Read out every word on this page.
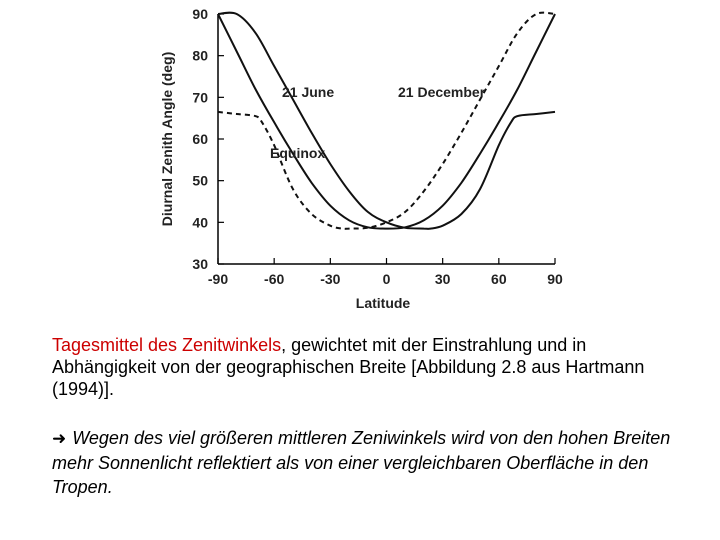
-90	-60	-30	0	30	60	90
30
40
50
60
70
80
90
Latitude
Diurnal Zenith Angle (deg)	21 June	21 December
Equinox
Tagesmittel des Zenitwinkels, gewichtet mit der Einstrahlung und in Abhängigkeit von der geographischen Breite [Abbildung 2.8 aus Hartmann (1994)].
➜ Wegen des viel größeren mittleren Zeniwinkels wird von den hohen Breiten mehr Sonnenlicht reflektiert als von einer vergleichbaren Oberfläche in den Tropen.
